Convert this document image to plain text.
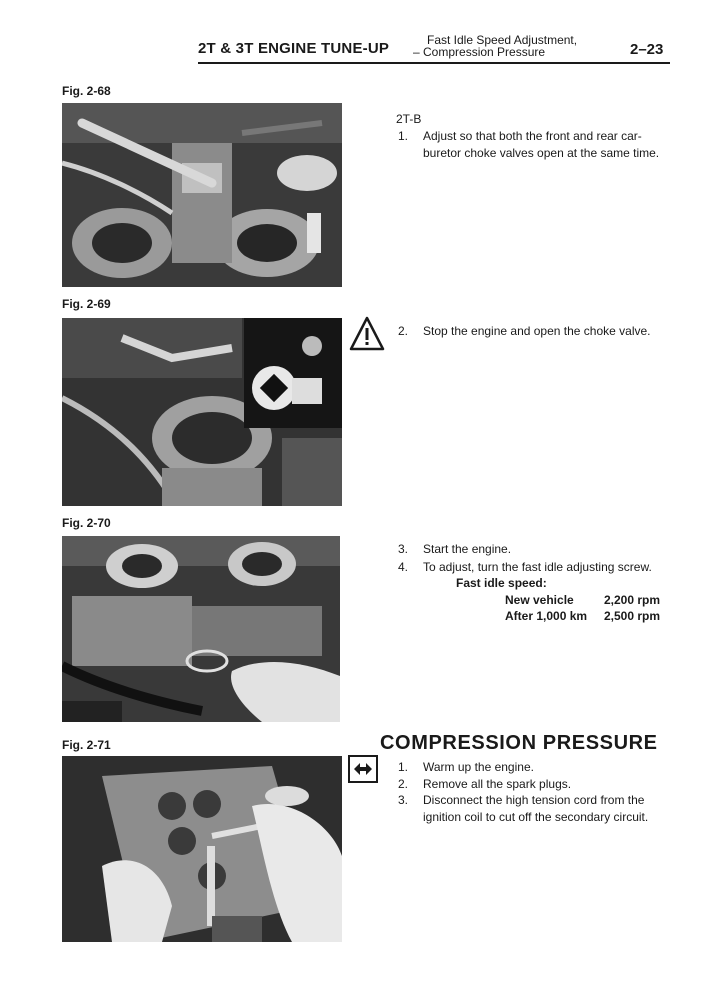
2T & 3T ENGINE TUNE-UP	Fast Idle Speed Adjustment,
– Compression Pressure	2–23
Fig. 2-68
Fig. 2-69
Fig. 2-70
Fig. 2-71
2T-B
1.	Adjust so that both the front and rear car-
buretor choke valves open at the same time.
2.	Stop the engine and open the choke valve.
3.	Start the engine.
4.	To adjust, turn the fast idle adjusting screw.
Fast idle speed:
New vehicle	2,200 rpm
After 1,000 km 2,500 rpm
COMPRESSION PRESSURE
1.	Warm up the engine.
2.	Remove all the spark plugs.
3.	Disconnect the high tension cord from the
ignition coil to cut off the secondary circuit.
